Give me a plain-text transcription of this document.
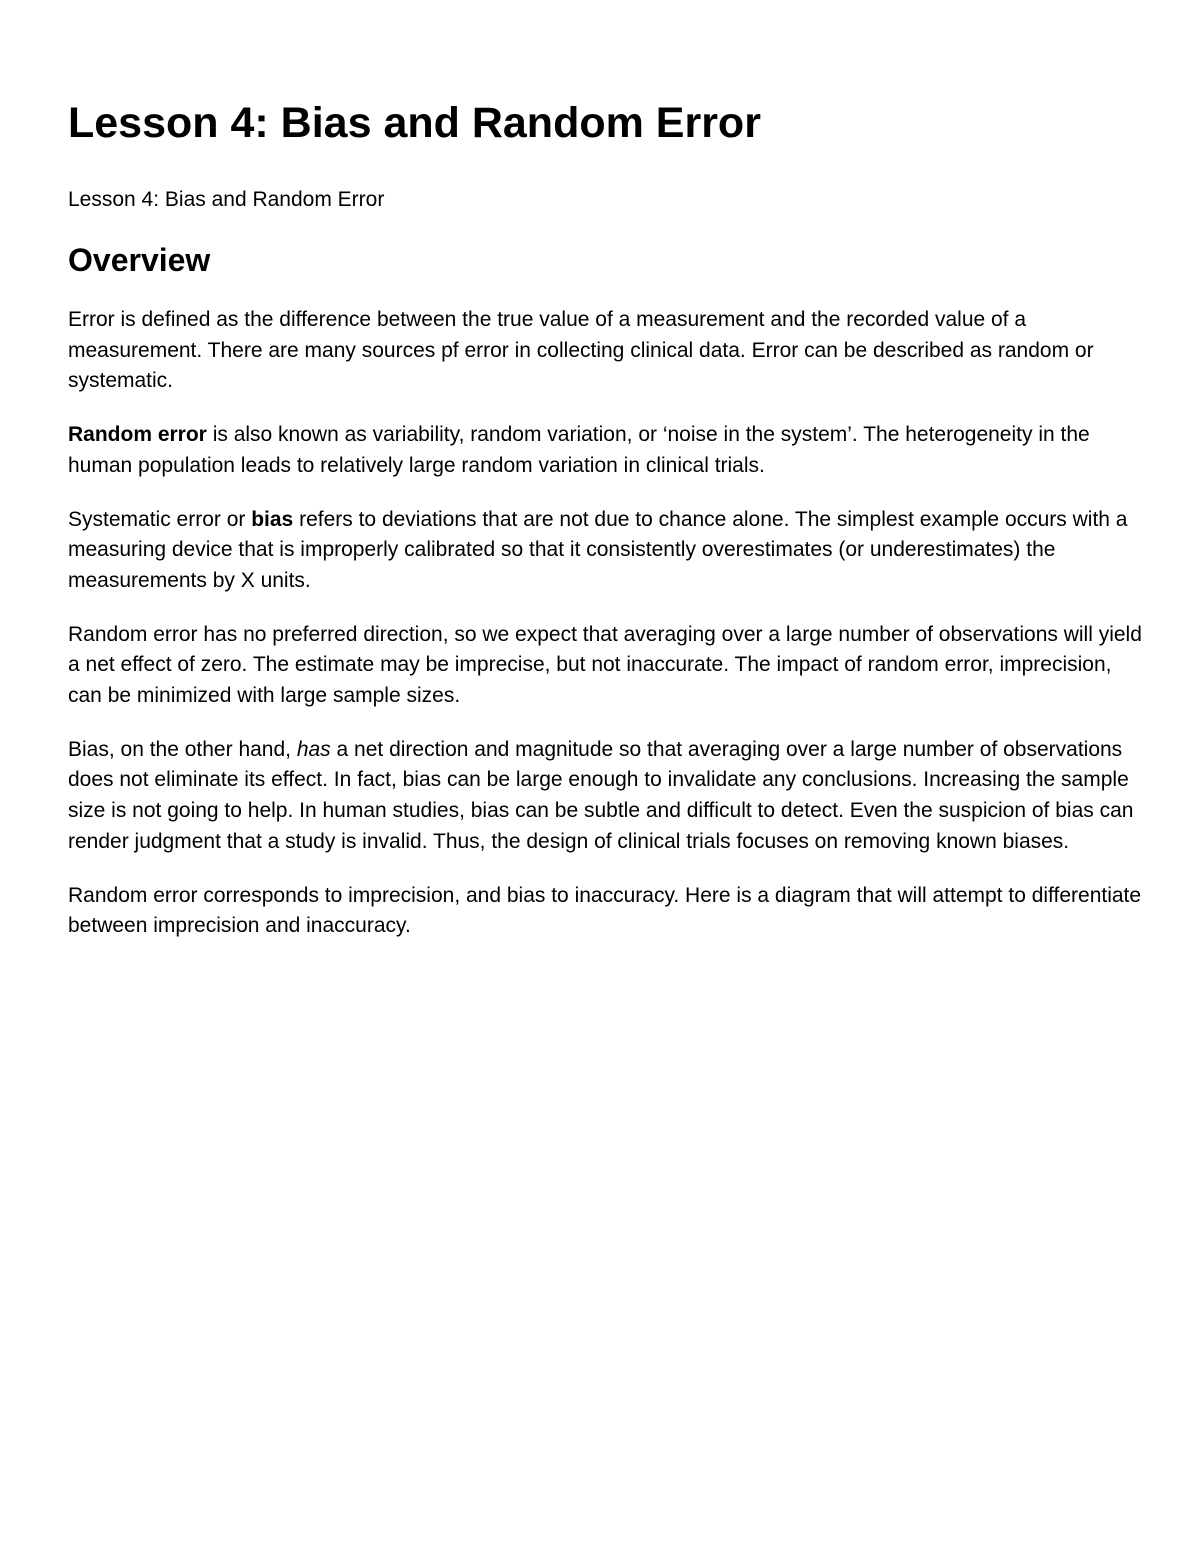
Lesson 4: Bias and Random Error
Lesson 4: Bias and Random Error
Overview

Error is defined as the difference between the true value of a measurement and the recorded value of a measurement. There are many sources pf error in collecting clinical data. Error can be described as random or systematic.

Random error is also known as variability, random variation, or ‘noise in the system’. The heterogeneity in the human population leads to relatively large random variation in clinical trials.

Systematic error or bias refers to deviations that are not due to chance alone. The simplest example occurs with a measuring device that is improperly calibrated so that it consistently overestimates (or underestimates) the measurements by X units.

Random error has no preferred direction, so we expect that averaging over a large number of observations will yield a net effect of zero. The estimate may be imprecise, but not inaccurate. The impact of random error, imprecision, can be minimized with large sample sizes.

Bias, on the other hand, has a net direction and magnitude so that averaging over a large number of observations does not eliminate its effect. In fact, bias can be large enough to invalidate any conclusions. Increasing the sample size is not going to help. In human studies, bias can be subtle and difficult to detect. Even the suspicion of bias can render judgment that a study is invalid. Thus, the design of clinical trials focuses on removing known biases.

Random error corresponds to imprecision, and bias to inaccuracy. Here is a diagram that will attempt to differentiate between imprecision and inaccuracy.
